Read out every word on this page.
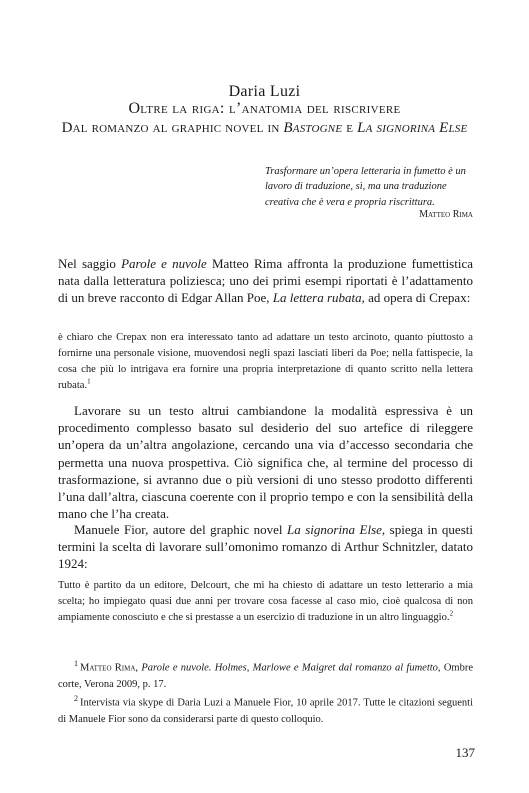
Daria Luzi
Oltre la riga: l’anatomia del riscrivere
Dal romanzo al graphic novel in Bastogne e La signorina Else
Trasformare un’opera letteraria in fumetto è un lavoro di traduzione, sì, ma una traduzione creativa che è vera e propria riscrittura.
Matteo Rima

Nel saggio Parole e nuvole Matteo Rima affronta la produzione fumettistica nata dalla letteratura poliziesca; uno dei primi esempi riportati è l’adattamento di un breve racconto di Edgar Allan Poe, La lettera rubata, ad opera di Crepax:

è chiaro che Crepax non era interessato tanto ad adattare un testo arcinoto, quanto piuttosto a fornirne una personale visione, muovendosi negli spazi lasciati liberi da Poe; nella fattispecie, la cosa che più lo intrigava era fornire una propria interpretazione di quanto scritto nella lettera rubata.$^1$

Lavorare su un testo altrui cambiandone la modalità espressiva è un procedimento complesso basato sul desiderio del suo artefice di rileggere un’opera da un’altra angolazione, cercando una via d’accesso secondaria che permetta una nuova prospettiva. Ciò significa che, al termine del processo di trasformazione, si avranno due o più versioni di uno stesso prodotto differenti l’una dall’altra, ciascuna coerente con il proprio tempo e con la sensibilità della mano che l’ha creata.

Manuele Fior, autore del graphic novel La signorina Else, spiega in questi termini la scelta di lavorare sull’omonimo romanzo di Arthur Schnitzler, datato 1924:

Tutto è partito da un editore, Delcourt, che mi ha chiesto di adattare un testo letterario a mia scelta; ho impiegato quasi due anni per trovare cosa facesse al caso mio, cioè qualcosa di non ampiamente conosciuto e che si prestasse a un esercizio di traduzione in un altro linguaggio.$^2$

$^1$ Matteo Rima, Parole e nuvole. Holmes, Marlowe e Maigret dal romanzo al fumetto, Ombre corte, Verona 2009, p. 17.

$^2$ Intervista via skype di Daria Luzi a Manuele Fior, 10 aprile 2017. Tutte le citazioni seguenti di Manuele Fior sono da considerarsi parte di questo colloquio.

137
